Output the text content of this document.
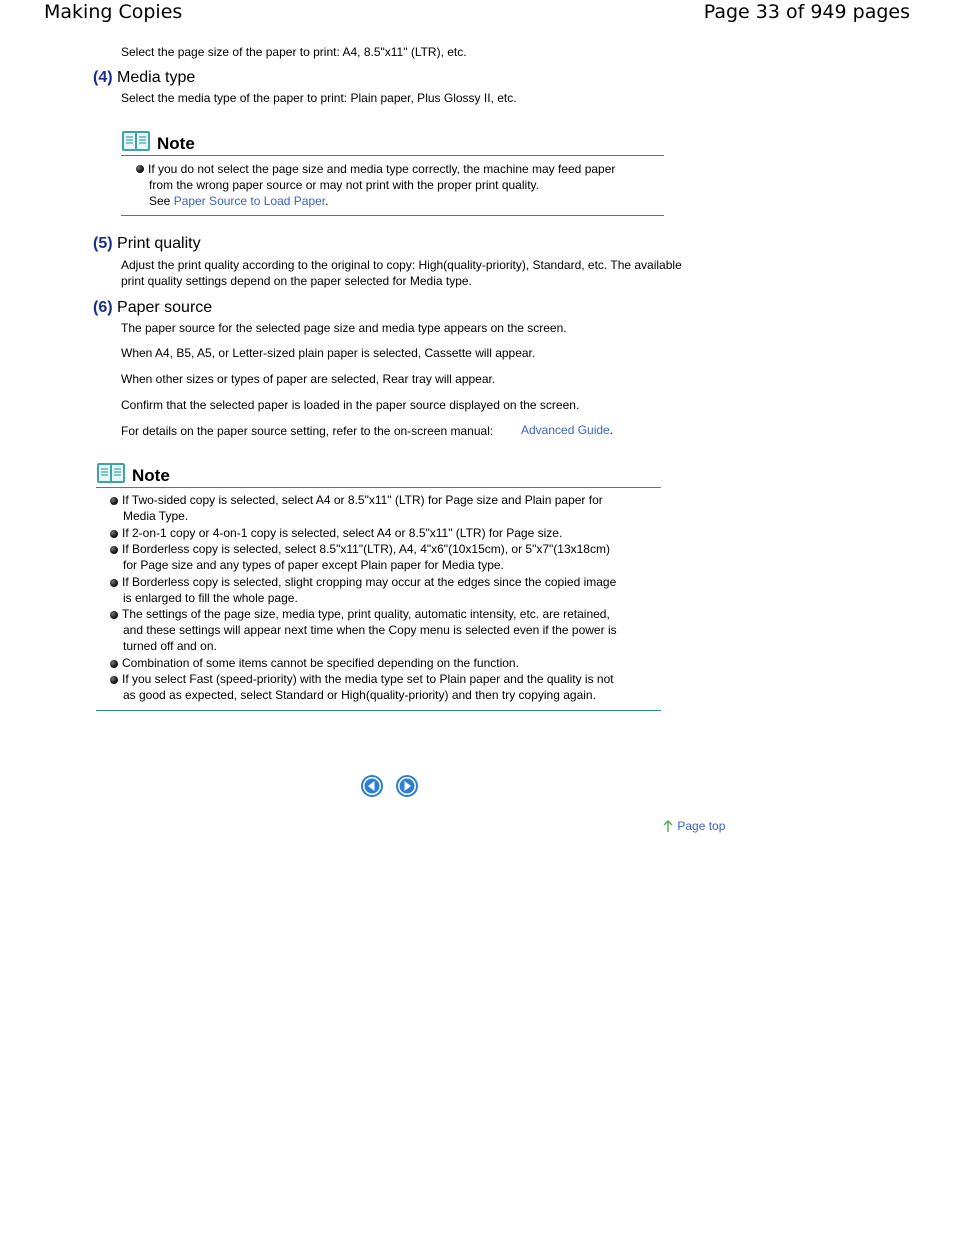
Making Copies	Page 33 of 949 pages
Select the page size of the paper to print: A4, 8.5"x11" (LTR), etc.
(4) Media type
Select the media type of the paper to print: Plain paper, Plus Glossy II, etc.
Note
If you do not select the page size and media type correctly, the machine may feed paper
from the wrong paper source or may not print with the proper print quality.
See Paper Source to Load Paper.
(5) Print quality
Adjust the print quality according to the original to copy: High(quality-priority), Standard, etc. The available
print quality settings depend on the paper selected for Media type.
(6) Paper source
The paper source for the selected page size and media type appears on the screen.
When A4, B5, A5, or Letter-sized plain paper is selected, Cassette will appear.
When other sizes or types of paper are selected, Rear tray will appear.
Confirm that the selected paper is loaded in the paper source displayed on the screen.
For details on the paper source setting, refer to the on-screen manual: Advanced Guide.
Note
If Two-sided copy is selected, select A4 or 8.5"x11" (LTR) for Page size and Plain paper for
Media Type.
If 2-on-1 copy or 4-on-1 copy is selected, select A4 or 8.5"x11" (LTR) for Page size.
If Borderless copy is selected, select 8.5"x11"(LTR), A4, 4"x6"(10x15cm), or 5"x7"(13x18cm)
for Page size and any types of paper except Plain paper for Media type.
If Borderless copy is selected, slight cropping may occur at the edges since the copied image
is enlarged to fill the whole page.
The settings of the page size, media type, print quality, automatic intensity, etc. are retained,
and these settings will appear next time when the Copy menu is selected even if the power is
turned off and on.
Combination of some items cannot be specified depending on the function.
If you select Fast (speed-priority) with the media type set to Plain paper and the quality is not
as good as expected, select Standard or High(quality-priority) and then try copying again.
Page top
